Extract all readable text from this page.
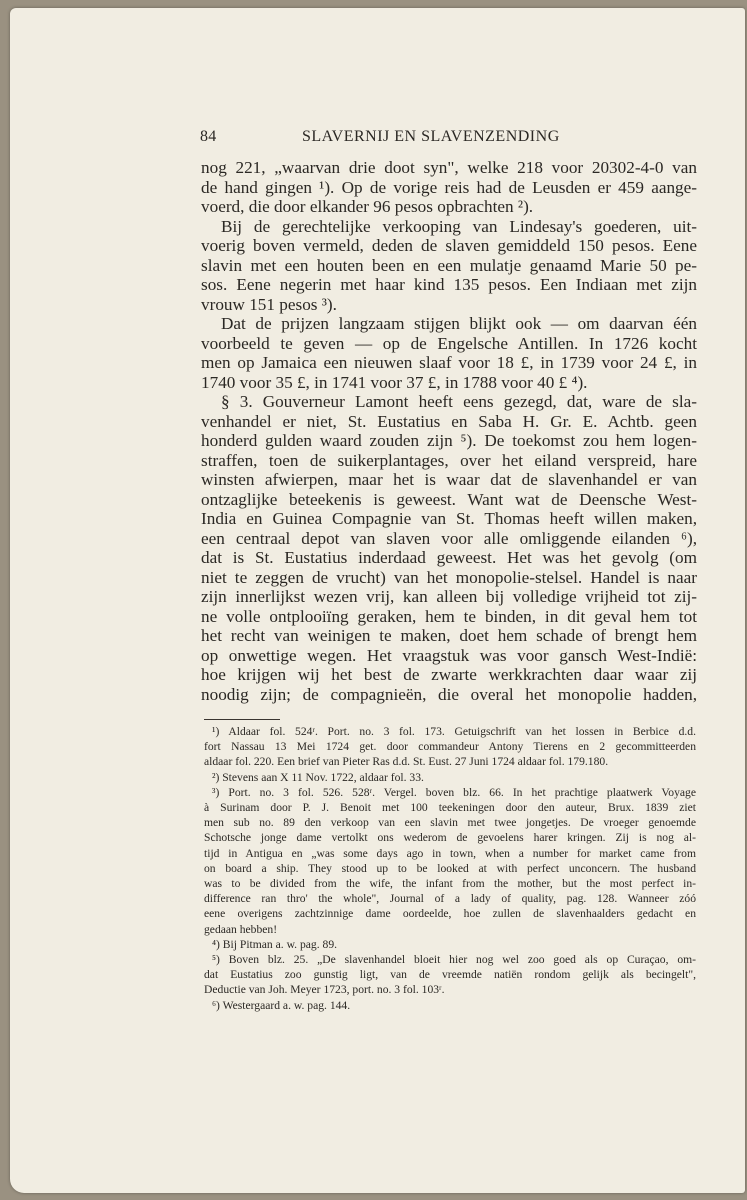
84	SLAVERNIJ EN SLAVENZENDING
nog 221, „waarvan drie doot syn", welke 218 voor 20302-4-0 van
de hand gingen ¹). Op de vorige reis had de Leusden er 459 aange-
voerd, die door elkander 96 pesos opbrachten ²).
Bij de gerechtelijke verkooping van Lindesay's goederen, uit-
voerig boven vermeld, deden de slaven gemiddeld 150 pesos. Eene
slavin met een houten been en een mulatje genaamd Marie 50 pe-
sos. Eene negerin met haar kind 135 pesos. Een Indiaan met zijn
vrouw 151 pesos ³).
Dat de prijzen langzaam stijgen blijkt ook — om daarvan één
voorbeeld te geven — op de Engelsche Antillen. In 1726 kocht
men op Jamaica een nieuwen slaaf voor 18 £, in 1739 voor 24 £, in
1740 voor 35 £, in 1741 voor 37 £, in 1788 voor 40 £ ⁴).
§ 3. Gouverneur Lamont heeft eens gezegd, dat, ware de sla-
venhandel er niet, St. Eustatius en Saba H. Gr. E. Achtb. geen
honderd gulden waard zouden zijn ⁵). De toekomst zou hem logen-
straffen, toen de suikerplantages, over het eiland verspreid, hare
winsten afwierpen, maar het is waar dat de slavenhandel er van
ontzaglijke beteekenis is geweest. Want wat de Deensche West-
India en Guinea Compagnie van St. Thomas heeft willen maken,
een centraal depot van slaven voor alle omliggende eilanden ⁶),
dat is St. Eustatius inderdaad geweest. Het was het gevolg (om
niet te zeggen de vrucht) van het monopolie-stelsel. Handel is naar
zijn innerlijkst wezen vrij, kan alleen bij volledige vrijheid tot zij-
ne volle ontplooiïng geraken, hem te binden, in dit geval hem tot
het recht van weinigen te maken, doet hem schade of brengt hem
op onwettige wegen. Het vraagstuk was voor gansch West-Indië:
hoe krijgen wij het best de zwarte werkkrachten daar waar zij
noodig zijn; de compagnieën, die overal het monopolie hadden,
¹) Aldaar fol. 524ʳ. Port. no. 3 fol. 173. Getuigschrift van het lossen in Berbice d.d.
fort Nassau 13 Mei 1724 get. door commandeur Antony Tierens en 2 gecommitteerden
aldaar fol. 220. Een brief van Pieter Ras d.d. St. Eust. 27 Juni 1724 aldaar fol. 179.180.
²) Stevens aan X 11 Nov. 1722, aldaar fol. 33.
³) Port. no. 3 fol. 526. 528ʳ. Vergel. boven blz. 66. In het prachtige plaatwerk Voyage
à Surinam door P. J. Benoit met 100 teekeningen door den auteur, Brux. 1839 ziet
men sub no. 89 den verkoop van een slavin met twee jongetjes. De vroeger genoemde
Schotsche jonge dame vertolkt ons wederom de gevoelens harer kringen. Zij is nog al-
tijd in Antigua en „was some days ago in town, when a number for market came from
on board a ship. They stood up to be looked at with perfect unconcern. The husband
was to be divided from the wife, the infant from the mother, but the most perfect in-
difference ran thro' the whole", Journal of a lady of quality, pag. 128. Wanneer zóó
eene overigens zachtzinnige dame oordeelde, hoe zullen de slavenhaalders gedacht en
gedaan hebben!
⁴) Bij Pitman a. w. pag. 89.
⁵) Boven blz. 25. „De slavenhandel bloeit hier nog wel zoo goed als op Curaçao, om-
dat Eustatius zoo gunstig ligt, van de vreemde natiën rondom gelijk als becingelt",
Deductie van Joh. Meyer 1723, port. no. 3 fol. 103ʳ.
⁶) Westergaard a. w. pag. 144.
